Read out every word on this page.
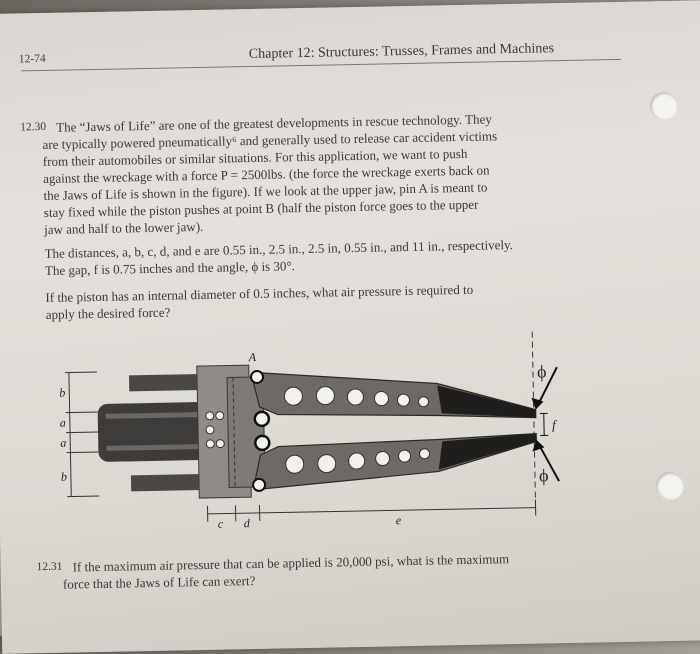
12-74	Chapter 12: Structures: Trusses, Frames and Machines
12.30 The “Jaws of Life” are one of the greatest developments in rescue technology. They
are typically powered pneumatically⁶ and generally used to release car accident victims
from their automobiles or similar situations. For this application, we want to push
against the wreckage with a force P = 2500lbs. (the force the wreckage exerts back on
the Jaws of Life is shown in the figure). If we look at the upper jaw, pin A is meant to
stay fixed while the piston pushes at point B (half the piston force goes to the upper
jaw and half to the lower jaw).
The distances, a, b, c, d, and e are 0.55 in., 2.5 in., 2.5 in, 0.55 in., and 11 in., respectively.
The gap, f is 0.75 inches and the angle, ϕ is 30°.
If the piston has an internal diameter of 0.5 inches, what air pressure is required to
apply the desired force?
A
b
a
a
b
c d	e
f
ϕ
ϕ
12.31 If the maximum air pressure that can be applied is 20,000 psi, what is the maximum
force that the Jaws of Life can exert?
